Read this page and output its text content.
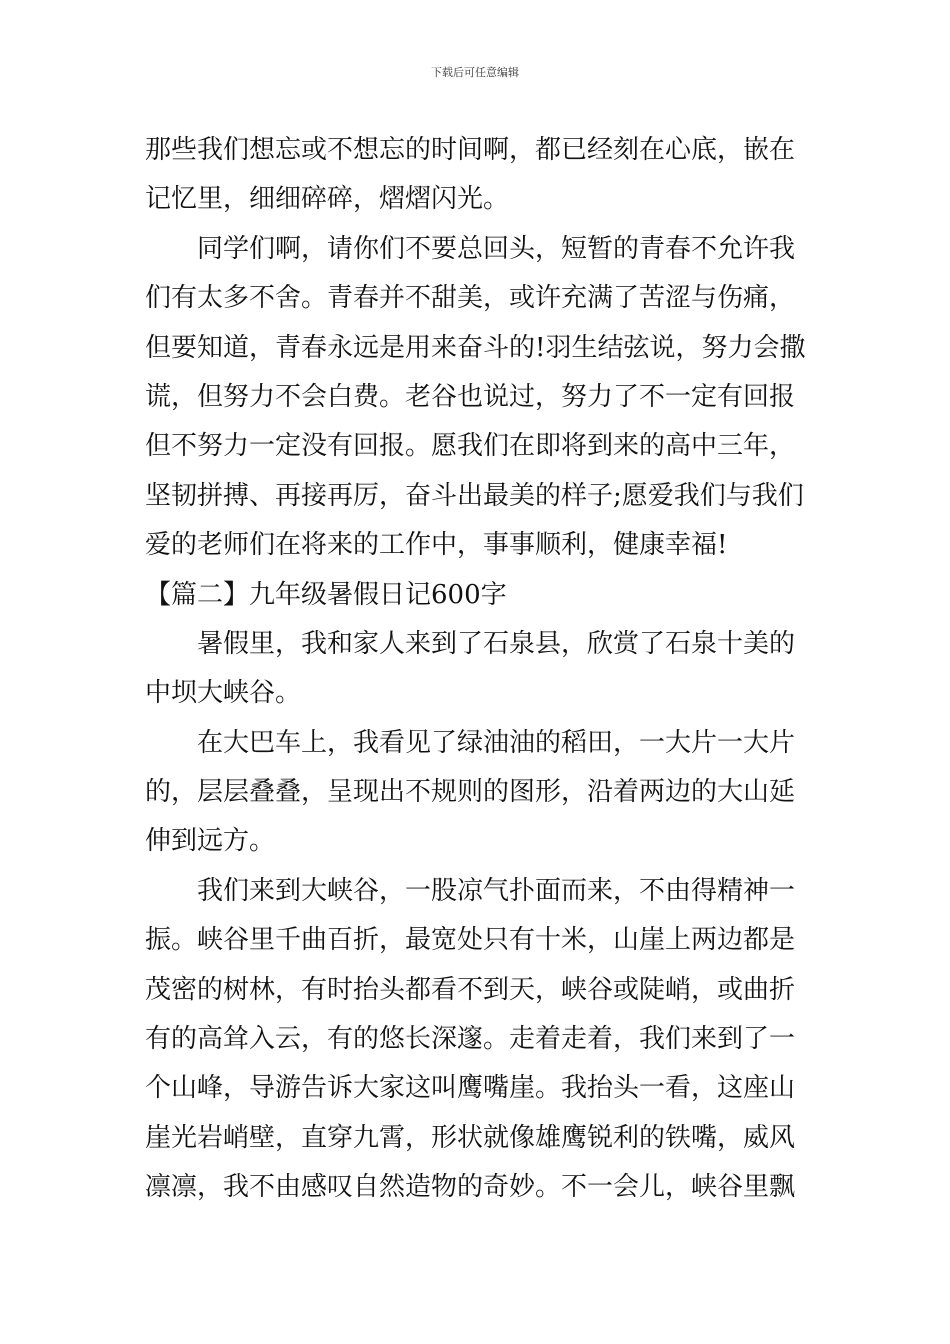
下载后可任意编辑
那些我们想忘或不想忘的时间啊，都已经刻在心底，嵌在
记忆里，细细碎碎，熠熠闪光。
同学们啊，请你们不要总回头，短暂的青春不允许我
们有太多不舍。青春并不甜美，或许充满了苦涩与伤痛，
但要知道，青春永远是用来奋斗的!羽生结弦说，努力会撒
谎，但努力不会白费。老谷也说过，努力了不一定有回报
但不努力一定没有回报。愿我们在即将到来的高中三年，
坚韧拼搏、再接再厉，奋斗出最美的样子;愿爱我们与我们
爱的老师们在将来的工作中，事事顺利，健康幸福!
【篇二】九年级暑假日记600字
暑假里，我和家人来到了石泉县，欣赏了石泉十美的
中坝大峡谷。
在大巴车上，我看见了绿油油的稻田，一大片一大片
的，层层叠叠，呈现出不规则的图形，沿着两边的大山延
伸到远方。
我们来到大峡谷，一股凉气扑面而来，不由得精神一
振。峡谷里千曲百折，最宽处只有十米，山崖上两边都是
茂密的树林，有时抬头都看不到天，峡谷或陡峭，或曲折
有的高耸入云，有的悠长深邃。走着走着，我们来到了一
个山峰，导游告诉大家这叫鹰嘴崖。我抬头一看，这座山
崖光岩峭壁，直穿九霄，形状就像雄鹰锐利的铁嘴，威风
凛凛，我不由感叹自然造物的奇妙。不一会儿，峡谷里飘
